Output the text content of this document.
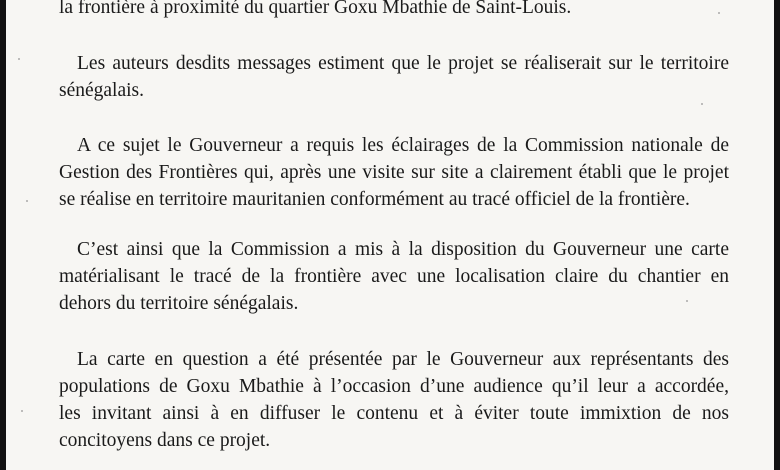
la frontière à proximité du quartier Goxu Mbathie de Saint-Louis.

Les auteurs desdits messages estiment que le projet se réaliserait sur le territoire
sénégalais.

A ce sujet le Gouverneur a requis les éclairages de la Commission nationale de
Gestion des Frontières qui, après une visite sur site a clairement établi que le projet
se réalise en territoire mauritanien conformément au tracé officiel de la frontière.

C’est ainsi que la Commission a mis à la disposition du Gouverneur une carte
matérialisant le tracé de la frontière avec une localisation claire du chantier en
dehors du territoire sénégalais.

La carte en question a été présentée par le Gouverneur aux représentants des
populations de Goxu Mbathie à l’occasion d’une audience qu’il leur a accordée,
les invitant ainsi à en diffuser le contenu et à éviter toute immixtion de nos
concitoyens dans ce projet.
